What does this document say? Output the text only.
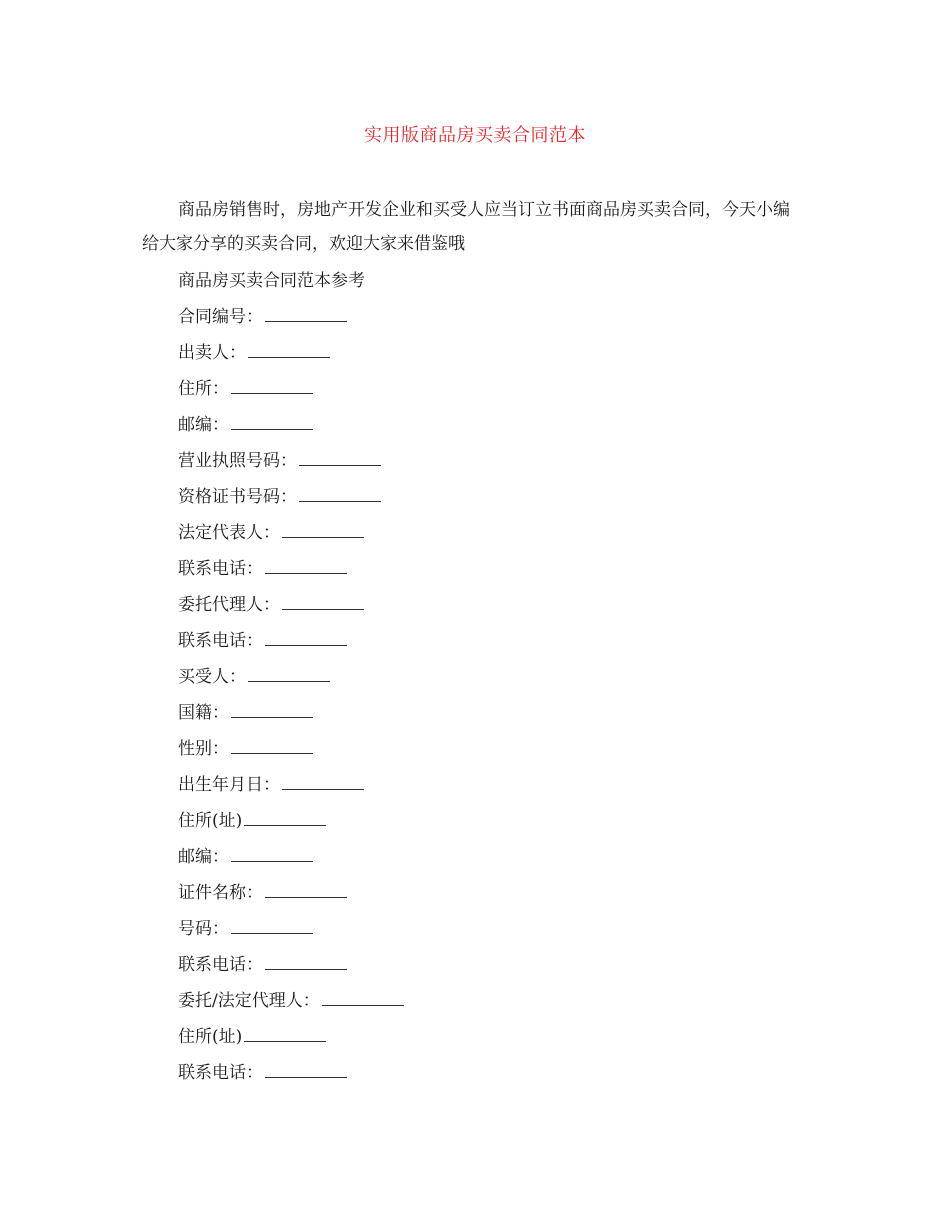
实用版商品房买卖合同范本

商品房销售时，房地产开发企业和买受人应当订立书面商品房买卖合同，今天小编给大家分享的买卖合同，欢迎大家来借鉴哦

商品房买卖合同范本参考
合同编号：
出卖人：
住所：
邮编：
营业执照号码：
资格证书号码：
法定代表人：
联系电话：
委托代理人：
联系电话：
买受人：
国籍：
性别：
出生年月日：
住所(址)
邮编：
证件名称：
号码：
联系电话：
委托/法定代理人：
住所(址)
联系电话：
